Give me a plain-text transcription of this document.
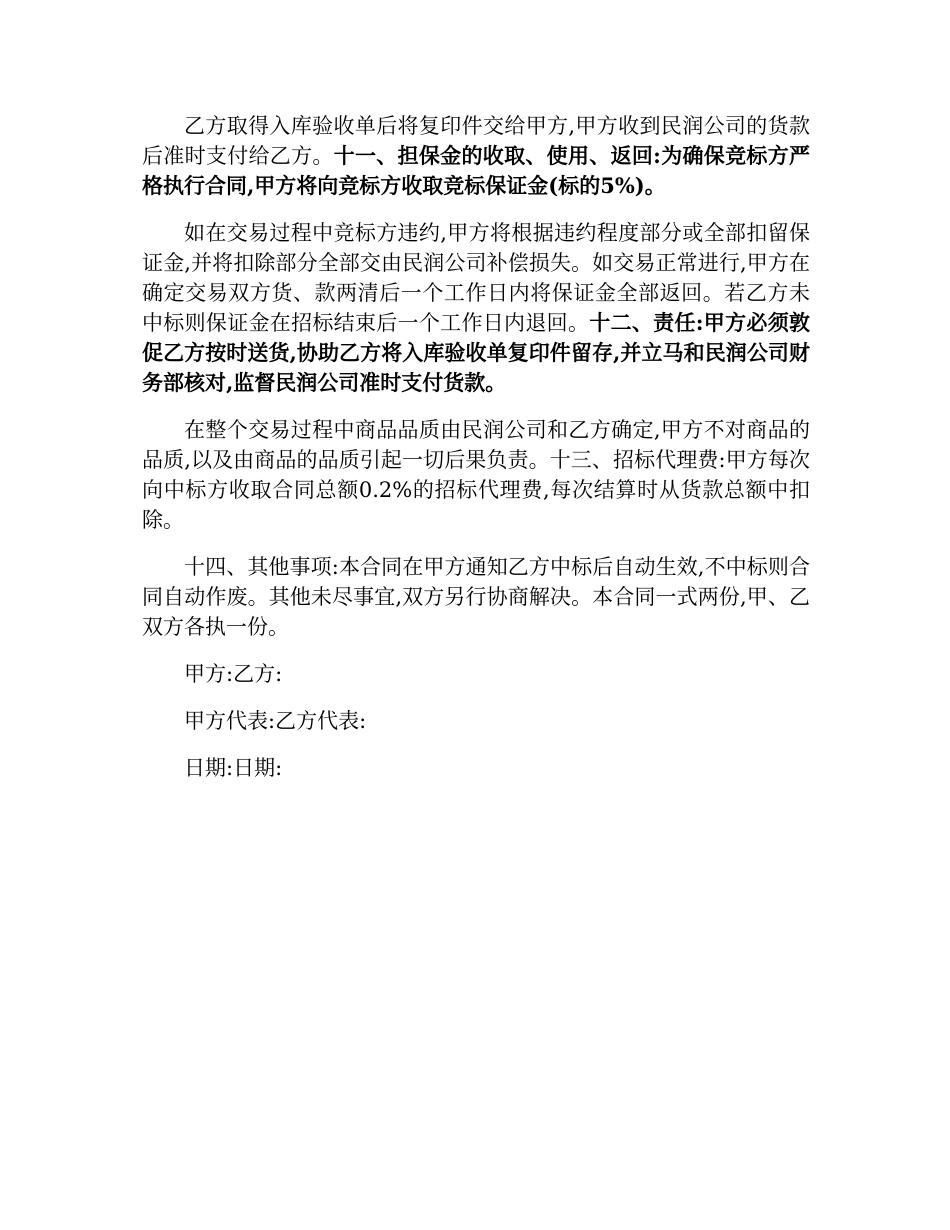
乙方取得入库验收单后将复印件交给甲方,甲方收到民润公司的货款后准时支付给乙方。十一、担保金的收取、使用、返回:为确保竞标方严格执行合同,甲方将向竞标方收取竞标保证金(标的5%)。

如在交易过程中竞标方违约,甲方将根据违约程度部分或全部扣留保证金,并将扣除部分全部交由民润公司补偿损失。如交易正常进行,甲方在确定交易双方货、款两清后一个工作日内将保证金全部返回。若乙方未中标则保证金在招标结束后一个工作日内退回。十二、责任:甲方必须敦促乙方按时送货,协助乙方将入库验收单复印件留存,并立马和民润公司财务部核对,监督民润公司准时支付货款。

在整个交易过程中商品品质由民润公司和乙方确定,甲方不对商品的品质,以及由商品的品质引起一切后果负责。十三、招标代理费:甲方每次向中标方收取合同总额0.2%的招标代理费,每次结算时从货款总额中扣除。

十四、其他事项:本合同在甲方通知乙方中标后自动生效,不中标则合同自动作废。其他未尽事宜,双方另行协商解决。本合同一式两份,甲、乙双方各执一份。

甲方:乙方:

甲方代表:乙方代表:

日期:日期:
